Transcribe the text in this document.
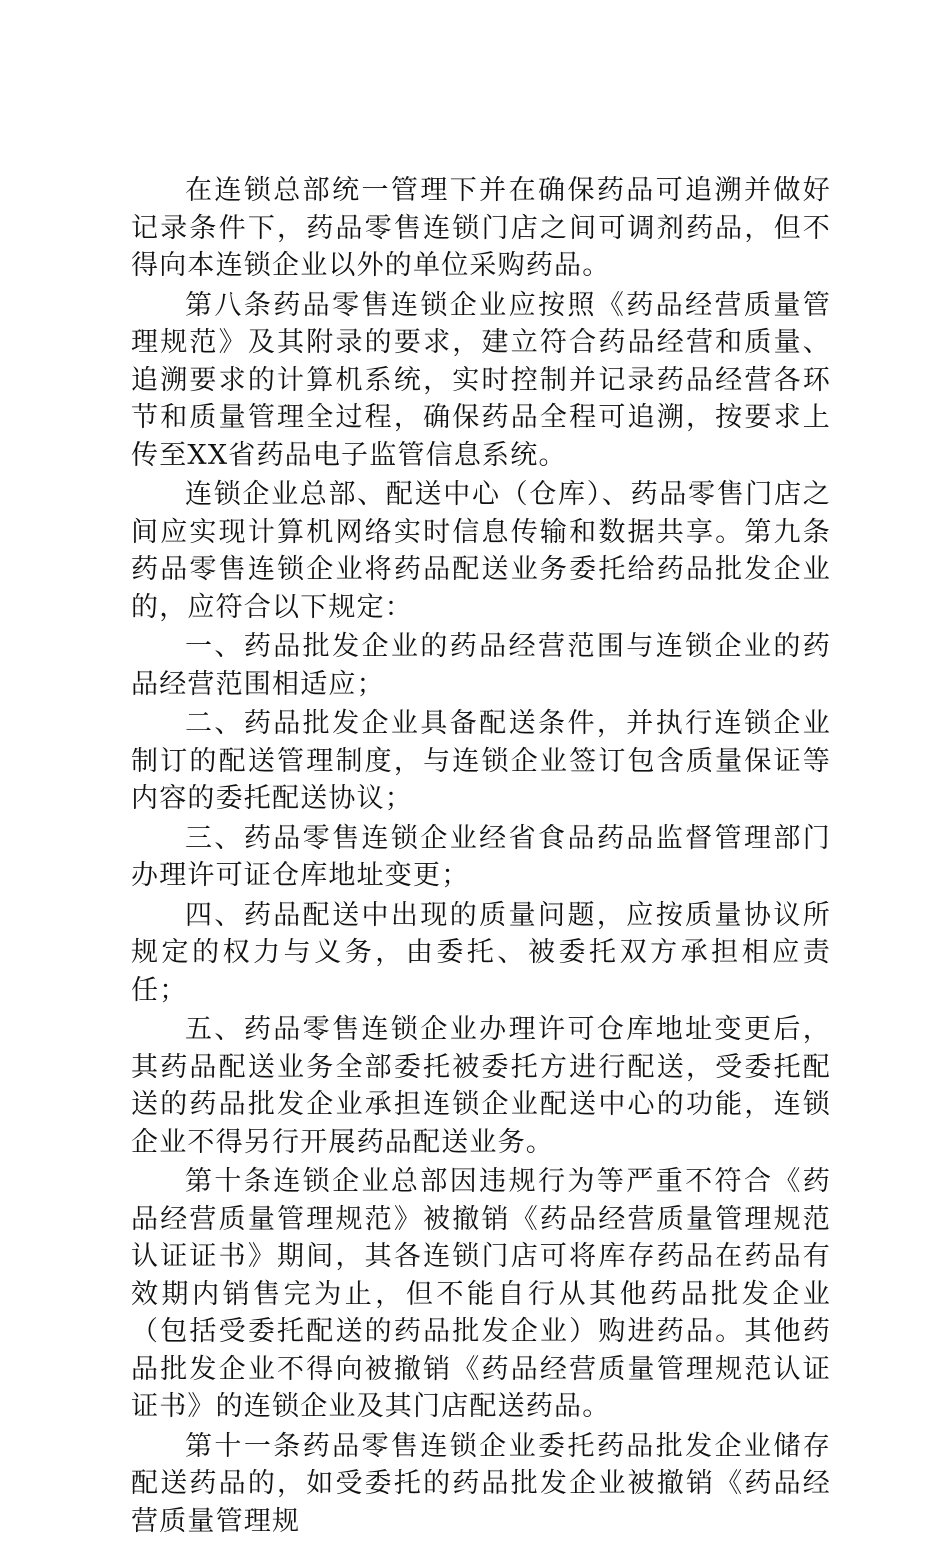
在连锁总部统一管理下并在确保药品可追溯并做好记录条件下，药品零售连锁门店之间可调剂药品，但不得向本连锁企业以外的单位采购药品。

第八条药品零售连锁企业应按照《药品经营质量管理规范》及其附录的要求，建立符合药品经营和质量、追溯要求的计算机系统，实时控制并记录药品经营各环节和质量管理全过程，确保药品全程可追溯，按要求上传至XX省药品电子监管信息系统。

连锁企业总部、配送中心（仓库）、药品零售门店之间应实现计算机网络实时信息传输和数据共享。第九条药品零售连锁企业将药品配送业务委托给药品批发企业的，应符合以下规定：

一、药品批发企业的药品经营范围与连锁企业的药品经营范围相适应；

二、药品批发企业具备配送条件，并执行连锁企业制订的配送管理制度，与连锁企业签订包含质量保证等内容的委托配送协议；

三、药品零售连锁企业经省食品药品监督管理部门办理许可证仓库地址变更；

四、药品配送中出现的质量问题，应按质量协议所规定的权力与义务，由委托、被委托双方承担相应责任；

五、药品零售连锁企业办理许可仓库地址变更后，其药品配送业务全部委托被委托方进行配送，受委托配送的药品批发企业承担连锁企业配送中心的功能，连锁企业不得另行开展药品配送业务。

第十条连锁企业总部因违规行为等严重不符合《药品经营质量管理规范》被撤销《药品经营质量管理规范认证证书》期间，其各连锁门店可将库存药品在药品有效期内销售完为止，但不能自行从其他药品批发企业（包括受委托配送的药品批发企业）购进药品。其他药品批发企业不得向被撤销《药品经营质量管理规范认证证书》的连锁企业及其门店配送药品。

第十一条药品零售连锁企业委托药品批发企业储存配送药品的，如受委托的药品批发企业被撤销《药品经营质量管理规
